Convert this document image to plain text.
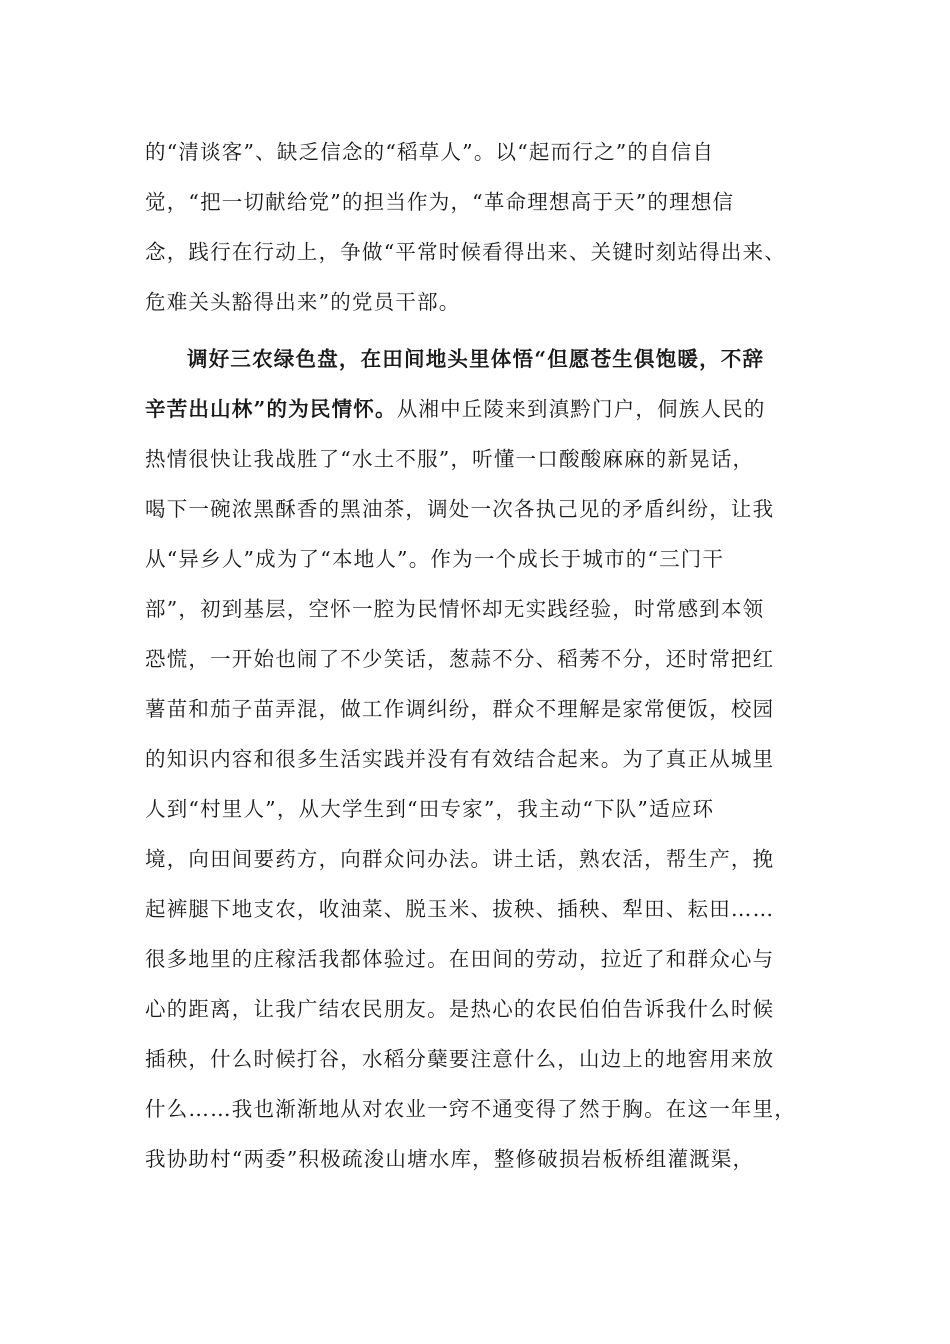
的“清谈客”、缺乏信念的“稻草人”。以“起而行之”的自信自
觉，“把一切献给党”的担当作为，“革命理想高于天”的理想信
念，践行在行动上，争做“平常时候看得出来、关键时刻站得出来、
危难关头豁得出来”的党员干部。
调好三农绿色盘，在田间地头里体悟“但愿苍生俱饱暖，不辞
辛苦出山林”的为民情怀。从湘中丘陵来到滇黔门户，侗族人民的
热情很快让我战胜了“水土不服”，听懂一口酸酸麻麻的新晃话，
喝下一碗浓黑酥香的黑油茶，调处一次各执己见的矛盾纠纷，让我
从“异乡人”成为了“本地人”。作为一个成长于城市的“三门干
部”，初到基层，空怀一腔为民情怀却无实践经验，时常感到本领
恐慌，一开始也闹了不少笑话，葱蒜不分、稻莠不分，还时常把红
薯苗和茄子苗弄混，做工作调纠纷，群众不理解是家常便饭，校园
的知识内容和很多生活实践并没有有效结合起来。为了真正从城里
人到“村里人”，从大学生到“田专家”，我主动“下队”适应环
境，向田间要药方，向群众问办法。讲土话，熟农活，帮生产，挽
起裤腿下地支农，收油菜、脱玉米、拔秧、插秧、犁田、耘田……
很多地里的庄稼活我都体验过。在田间的劳动，拉近了和群众心与
心的距离，让我广结农民朋友。是热心的农民伯伯告诉我什么时候
插秧，什么时候打谷，水稻分蘖要注意什么，山边上的地窖用来放
什么……我也渐渐地从对农业一窍不通变得了然于胸。在这一年里，
我协助村“两委”积极疏浚山塘水库，整修破损岩板桥组灌溉渠，
